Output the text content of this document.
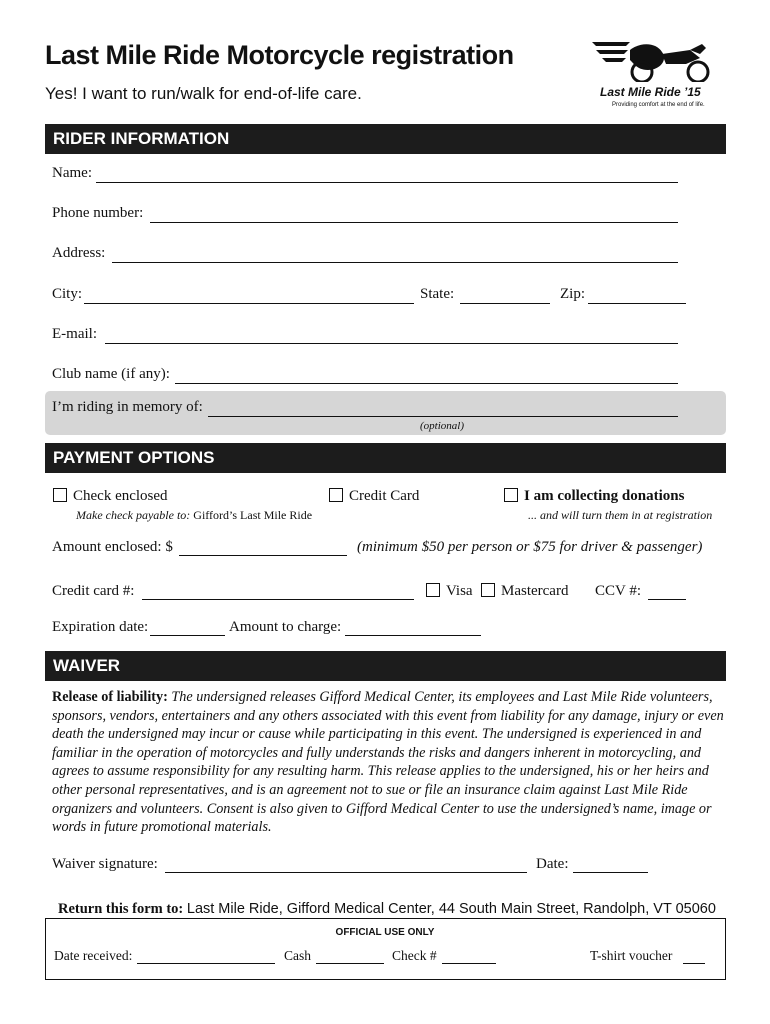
Last Mile Ride Motorcycle registration
Yes! I want to run/walk for end-of-life care.	Last Mile Ride ’15
Providing comfort at the end of life.
RIDER INFORMATION
Name:
Phone number:
Address:
City:	State:	Zip:
E-mail:
Club name (if any):
I’m riding in memory of:
(optional)
PAYMENT OPTIONS
Check enclosed
Make check payable to: Gifford’s Last Mile Ride
Credit Card	I am collecting donations
... and will turn them in at registration
Amount enclosed: $	(minimum $50 per person or $75 for driver & passenger)
Credit card #:	Visa	Mastercard CCV #:
Expiration date:	Amount to charge:
WAIVER
Release of liability: The undersigned releases Gifford Medical Center, its employees and Last Mile Ride volunteers, sponsors, vendors, entertainers and any others associated with this event from liability for any damage, injury or even death the undersigned may incur or cause while participating in this event. The undersigned is experienced in and familiar in the operation of motorcycles and fully understands the risks and dangers inherent in motorcycling, and agrees to assume responsibility for any resulting harm. This release applies to the undersigned, his or her heirs and other personal representatives, and is an agreement not to sue or file an insurance claim against Last Mile Ride organizers and volunteers. Consent is also given to Gifford Medical Center to use the undersigned’s name, image or words in future promotional materials.
Waiver signature:	Date:
Return this form to: Last Mile Ride, Gifford Medical Center, 44 South Main Street, Randolph, VT 05060
OFFICIAL USE ONLY
Date received:	Cash	Check #	T-shirt voucher
